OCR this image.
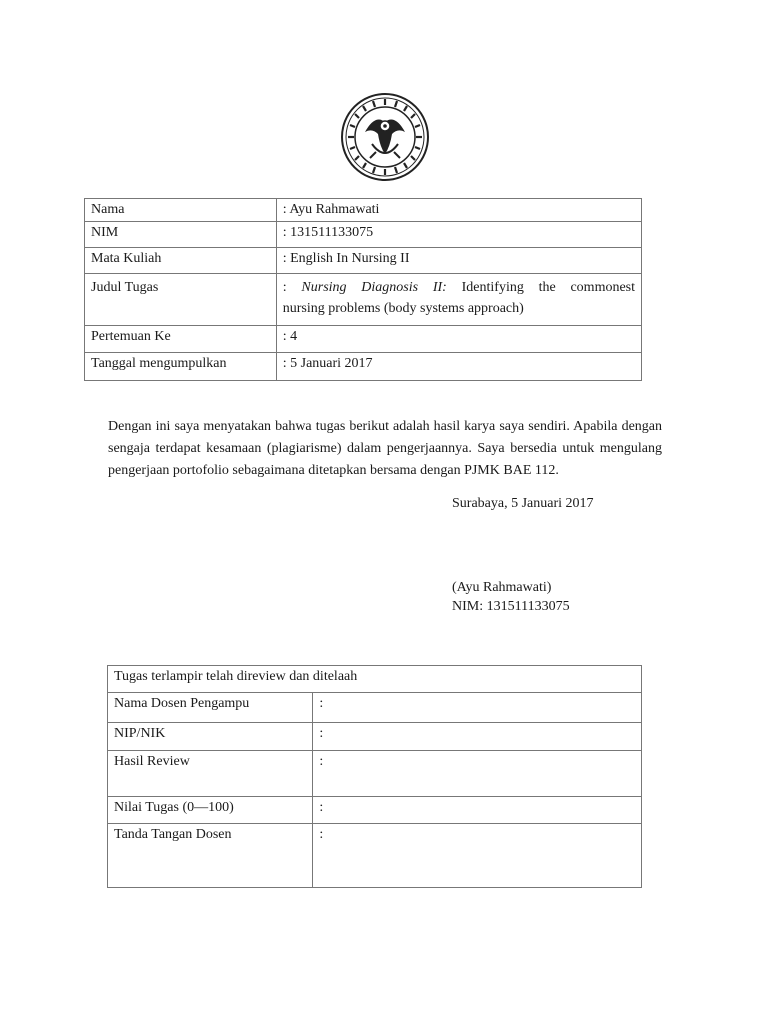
Nama	: Ayu Rahmawati
NIM	: 131511133075
Mata Kuliah	: English In Nursing II
Judul Tugas	: Nursing Diagnosis II: Identifying the commonest
nursing problems (body systems approach)

Pertemuan Ke	: 4
Tanggal mengumpulkan	: 5 Januari 2017

Dengan ini saya menyatakan bahwa tugas berikut adalah hasil karya saya sendiri. Apabila dengan sengaja terdapat kesamaan (plagiarisme) dalam pengerjaannya. Saya bersedia untuk mengulang pengerjaan portofolio sebagaimana ditetapkan bersama dengan PJMK BAE 112.

Surabaya, 5 Januari 2017
(Ayu Rahmawati)
NIM: 131511133075
Tugas terlampir telah direview dan ditelaah	
Nama Dosen Pengampu	:
NIP/NIK	:
Hasil Review	:
Nilai Tugas (0—100)	:
Tanda Tangan Dosen	:
